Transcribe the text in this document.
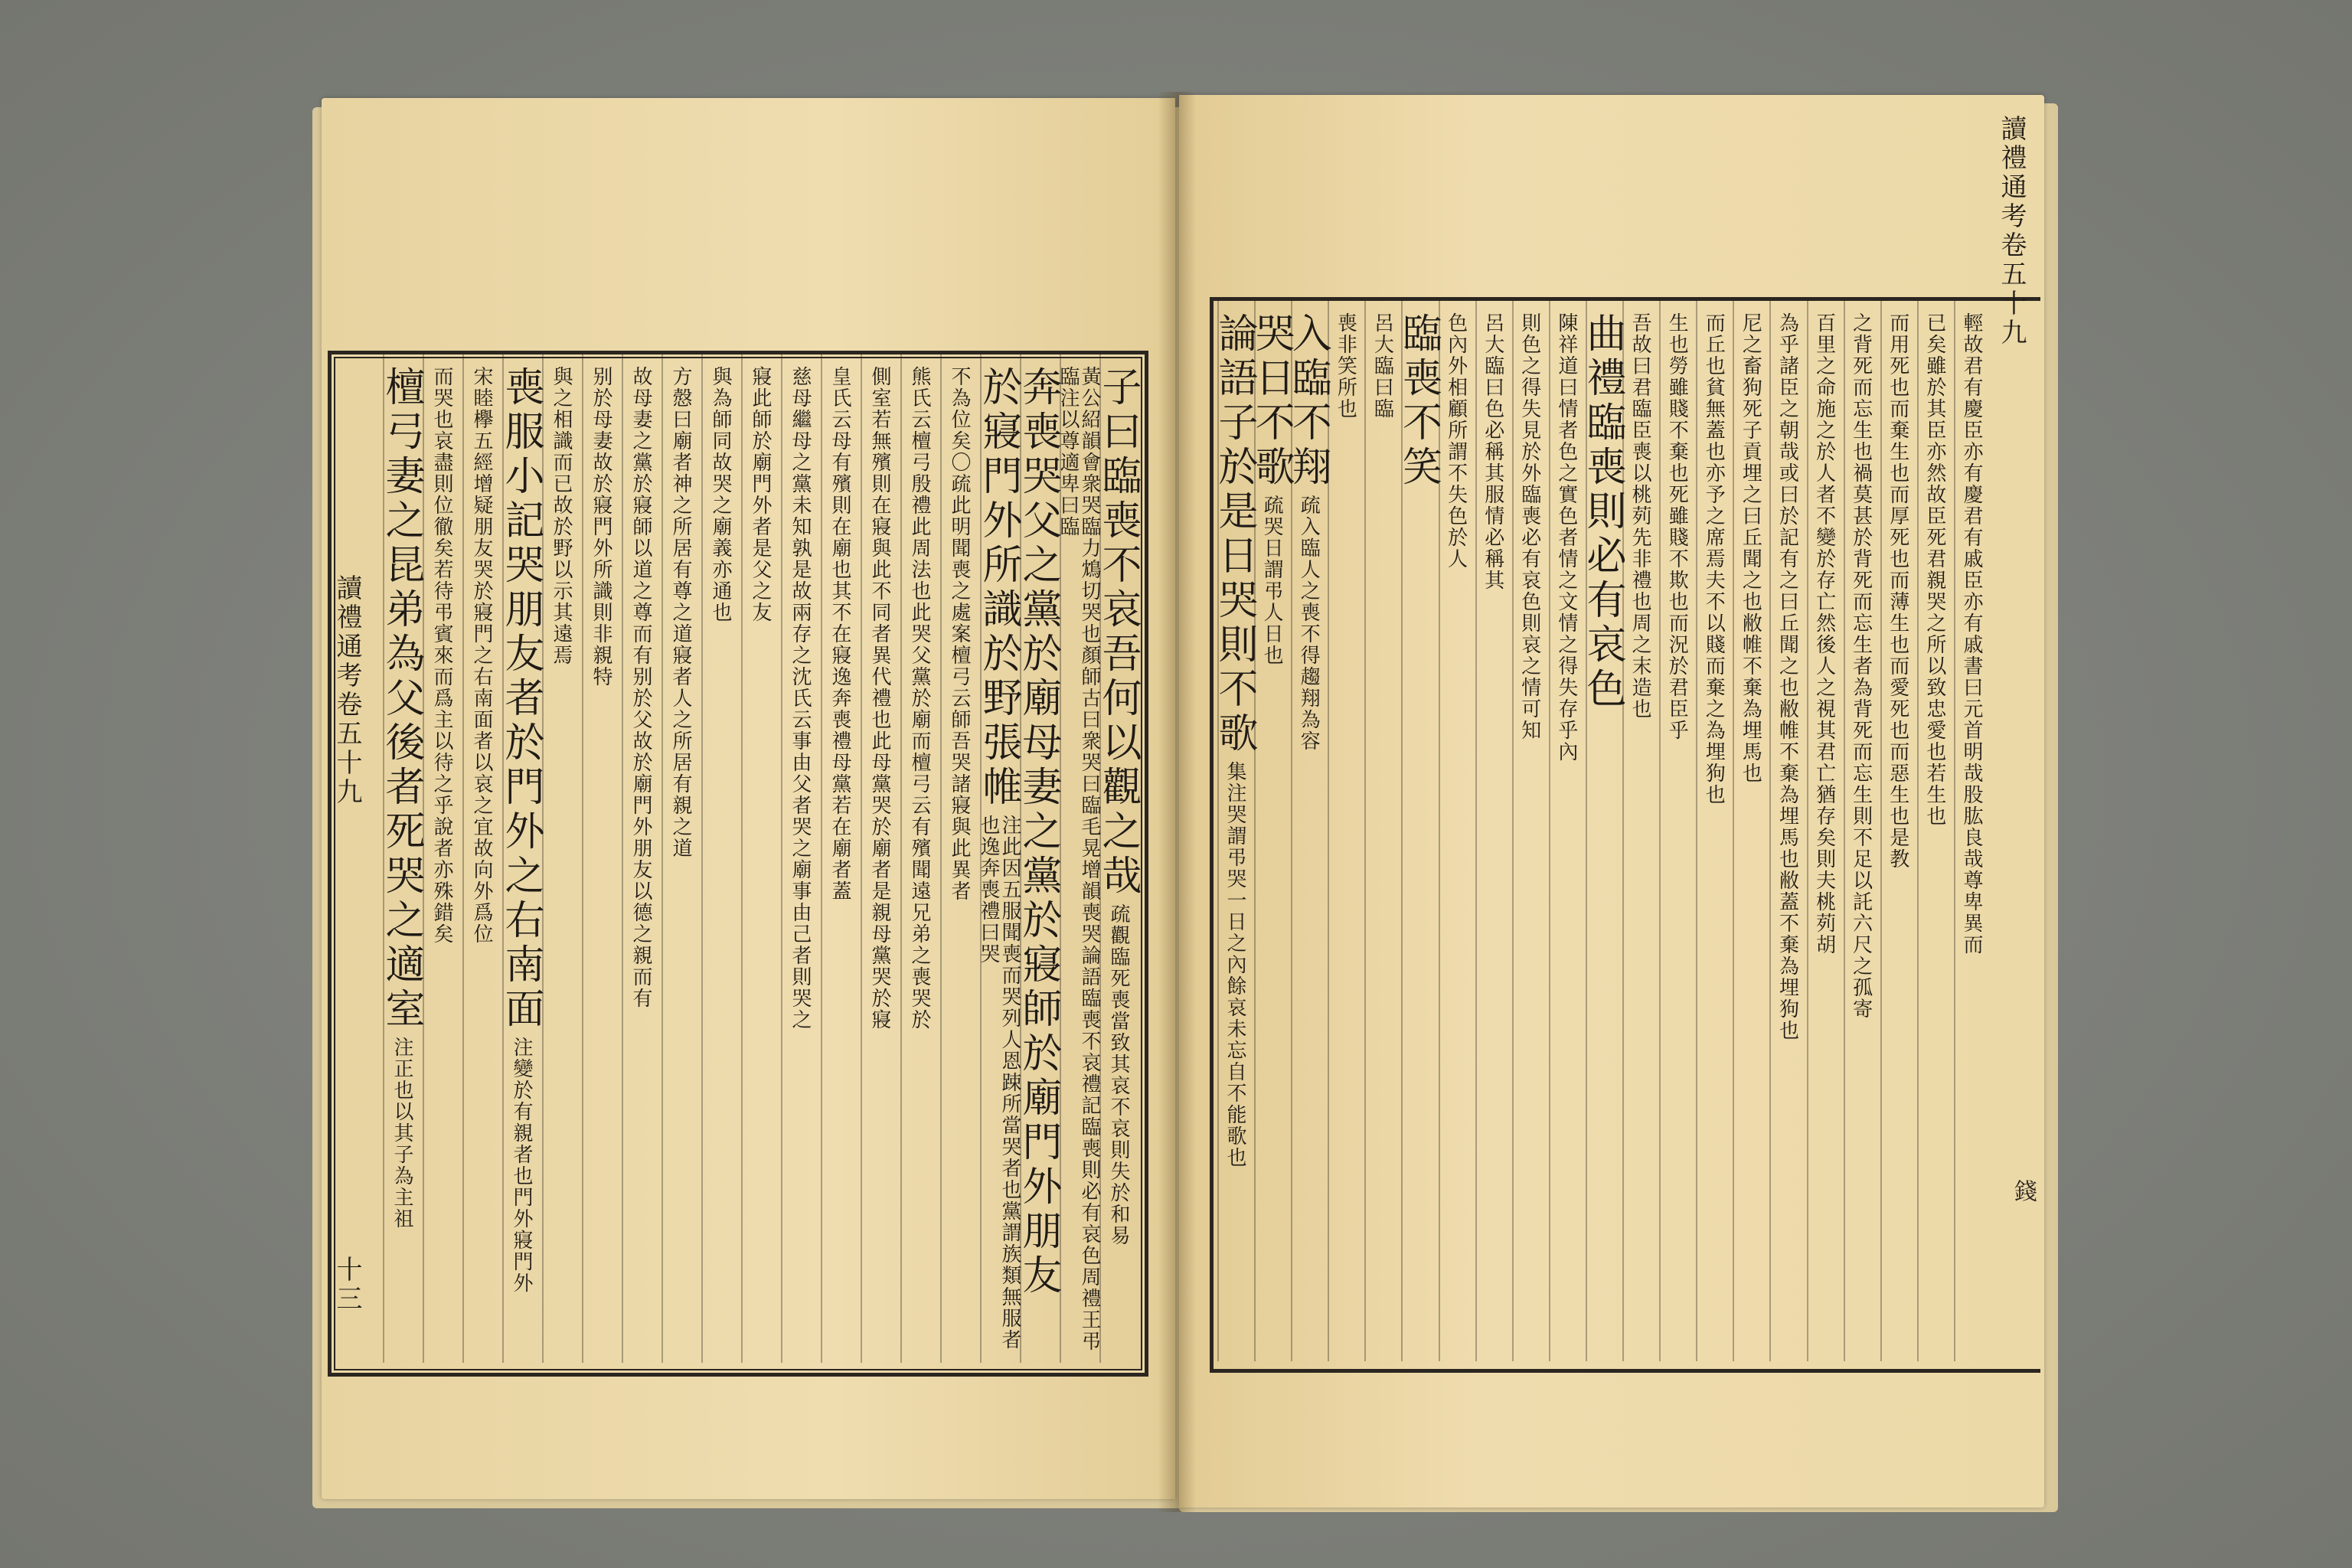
讀禮通考卷五十九
十三
讀禮通考卷五十九
錢
子曰臨喪不哀吾何以觀之哉
疏觀臨死喪當致其哀不哀則失於和易
黃公紹韻會衆哭臨力鴆切哭也顏師古曰衆哭曰臨毛晃增韻喪哭論語臨喪不哀禮記臨喪則必有哀色周禮王弔
臨注以尊適卑曰臨
奔喪哭父之黨於廟母妻之黨於寢師於廟門外朋友
於寢門外所識於野張帷
注此因五服聞喪而哭列人恩踈所當哭者也黨謂族類無服者
也逸奔喪禮曰哭
不為位矣〇疏此明聞喪之處案檀弓云師吾哭諸寢與此異者
熊氏云檀弓殷禮此周法也此哭父黨於廟而檀弓云有殯聞遠兄弟之喪哭於
側室若無殯則在寢與此不同者異代禮也此母黨哭於廟者是親母黨哭於寢
皇氏云母有殯則在廟也其不在寢逸奔喪禮母黨若在廟者蓋
慈母繼母之黨未知孰是故兩存之沈氏云事由父者哭之廟事由己者則哭之
寢此師於廟門外者是父之友
與為師同故哭之廟義亦通也
方慤曰廟者神之所居有尊之道寢者人之所居有親之道
故母妻之黨於寢師以道之尊而有别於父故於廟門外朋友以德之親而有
别於母妻故於寢門外所識則非親特
與之相識而已故於野以示其遠焉
喪服小記哭朋友者於門外之右南面
注變於有親者也門外寢門外
宋睦欅五經增疑朋友哭於寢門之右南面者以哀之宜故向外爲位
而哭也哀盡則位徹矣若待弔賓來而爲主以待之乎說者亦殊錯矣
檀弓妻之昆弟為父後者死哭之適室
注正也以其子為主祖
輕故君有慶臣亦有慶君有戚臣亦有戚書曰元首明哉股肱良哉尊卑異而
已矣雖於其臣亦然故臣死君親哭之所以致忠愛也若生也
而用死也而棄生也而厚死也而薄生也而愛死也而惡生也是教
之背死而忘生也禍莫甚於背死而忘生者為背死而忘生則不足以託六尺之孤寄
百里之命施之於人者不變於存亡然後人之視其君亡猶存矣則夫桃茢胡
為乎諸臣之朝哉或曰於記有之曰丘聞之也敝帷不棄為埋馬也敝蓋不棄為埋狗也
尼之畜狗死子貢埋之曰丘聞之也敝帷不棄為埋馬也
而丘也貧無蓋也亦予之席焉夫不以賤而棄之為埋狗也
生也勞雖賤不棄也死雖賤不欺也而況於君臣乎
吾故曰君臨臣喪以桃茢先非禮也周之末造也
曲禮臨喪則必有哀色
陳祥道曰情者色之實色者情之文情之得失存乎內
則色之得失見於外臨喪必有哀色則哀之情可知
呂大臨曰色必稱其服情必稱其
色內外相顧所謂不失色於人
臨喪不笑
呂大臨曰臨
喪非笑所也
入臨不翔
疏入臨人之喪不得趨翔為容
哭日不歌
疏哭日謂弔人日也
論語子於是日哭則不歌
集注哭謂弔哭一日之內餘哀未忘自不能歌也
